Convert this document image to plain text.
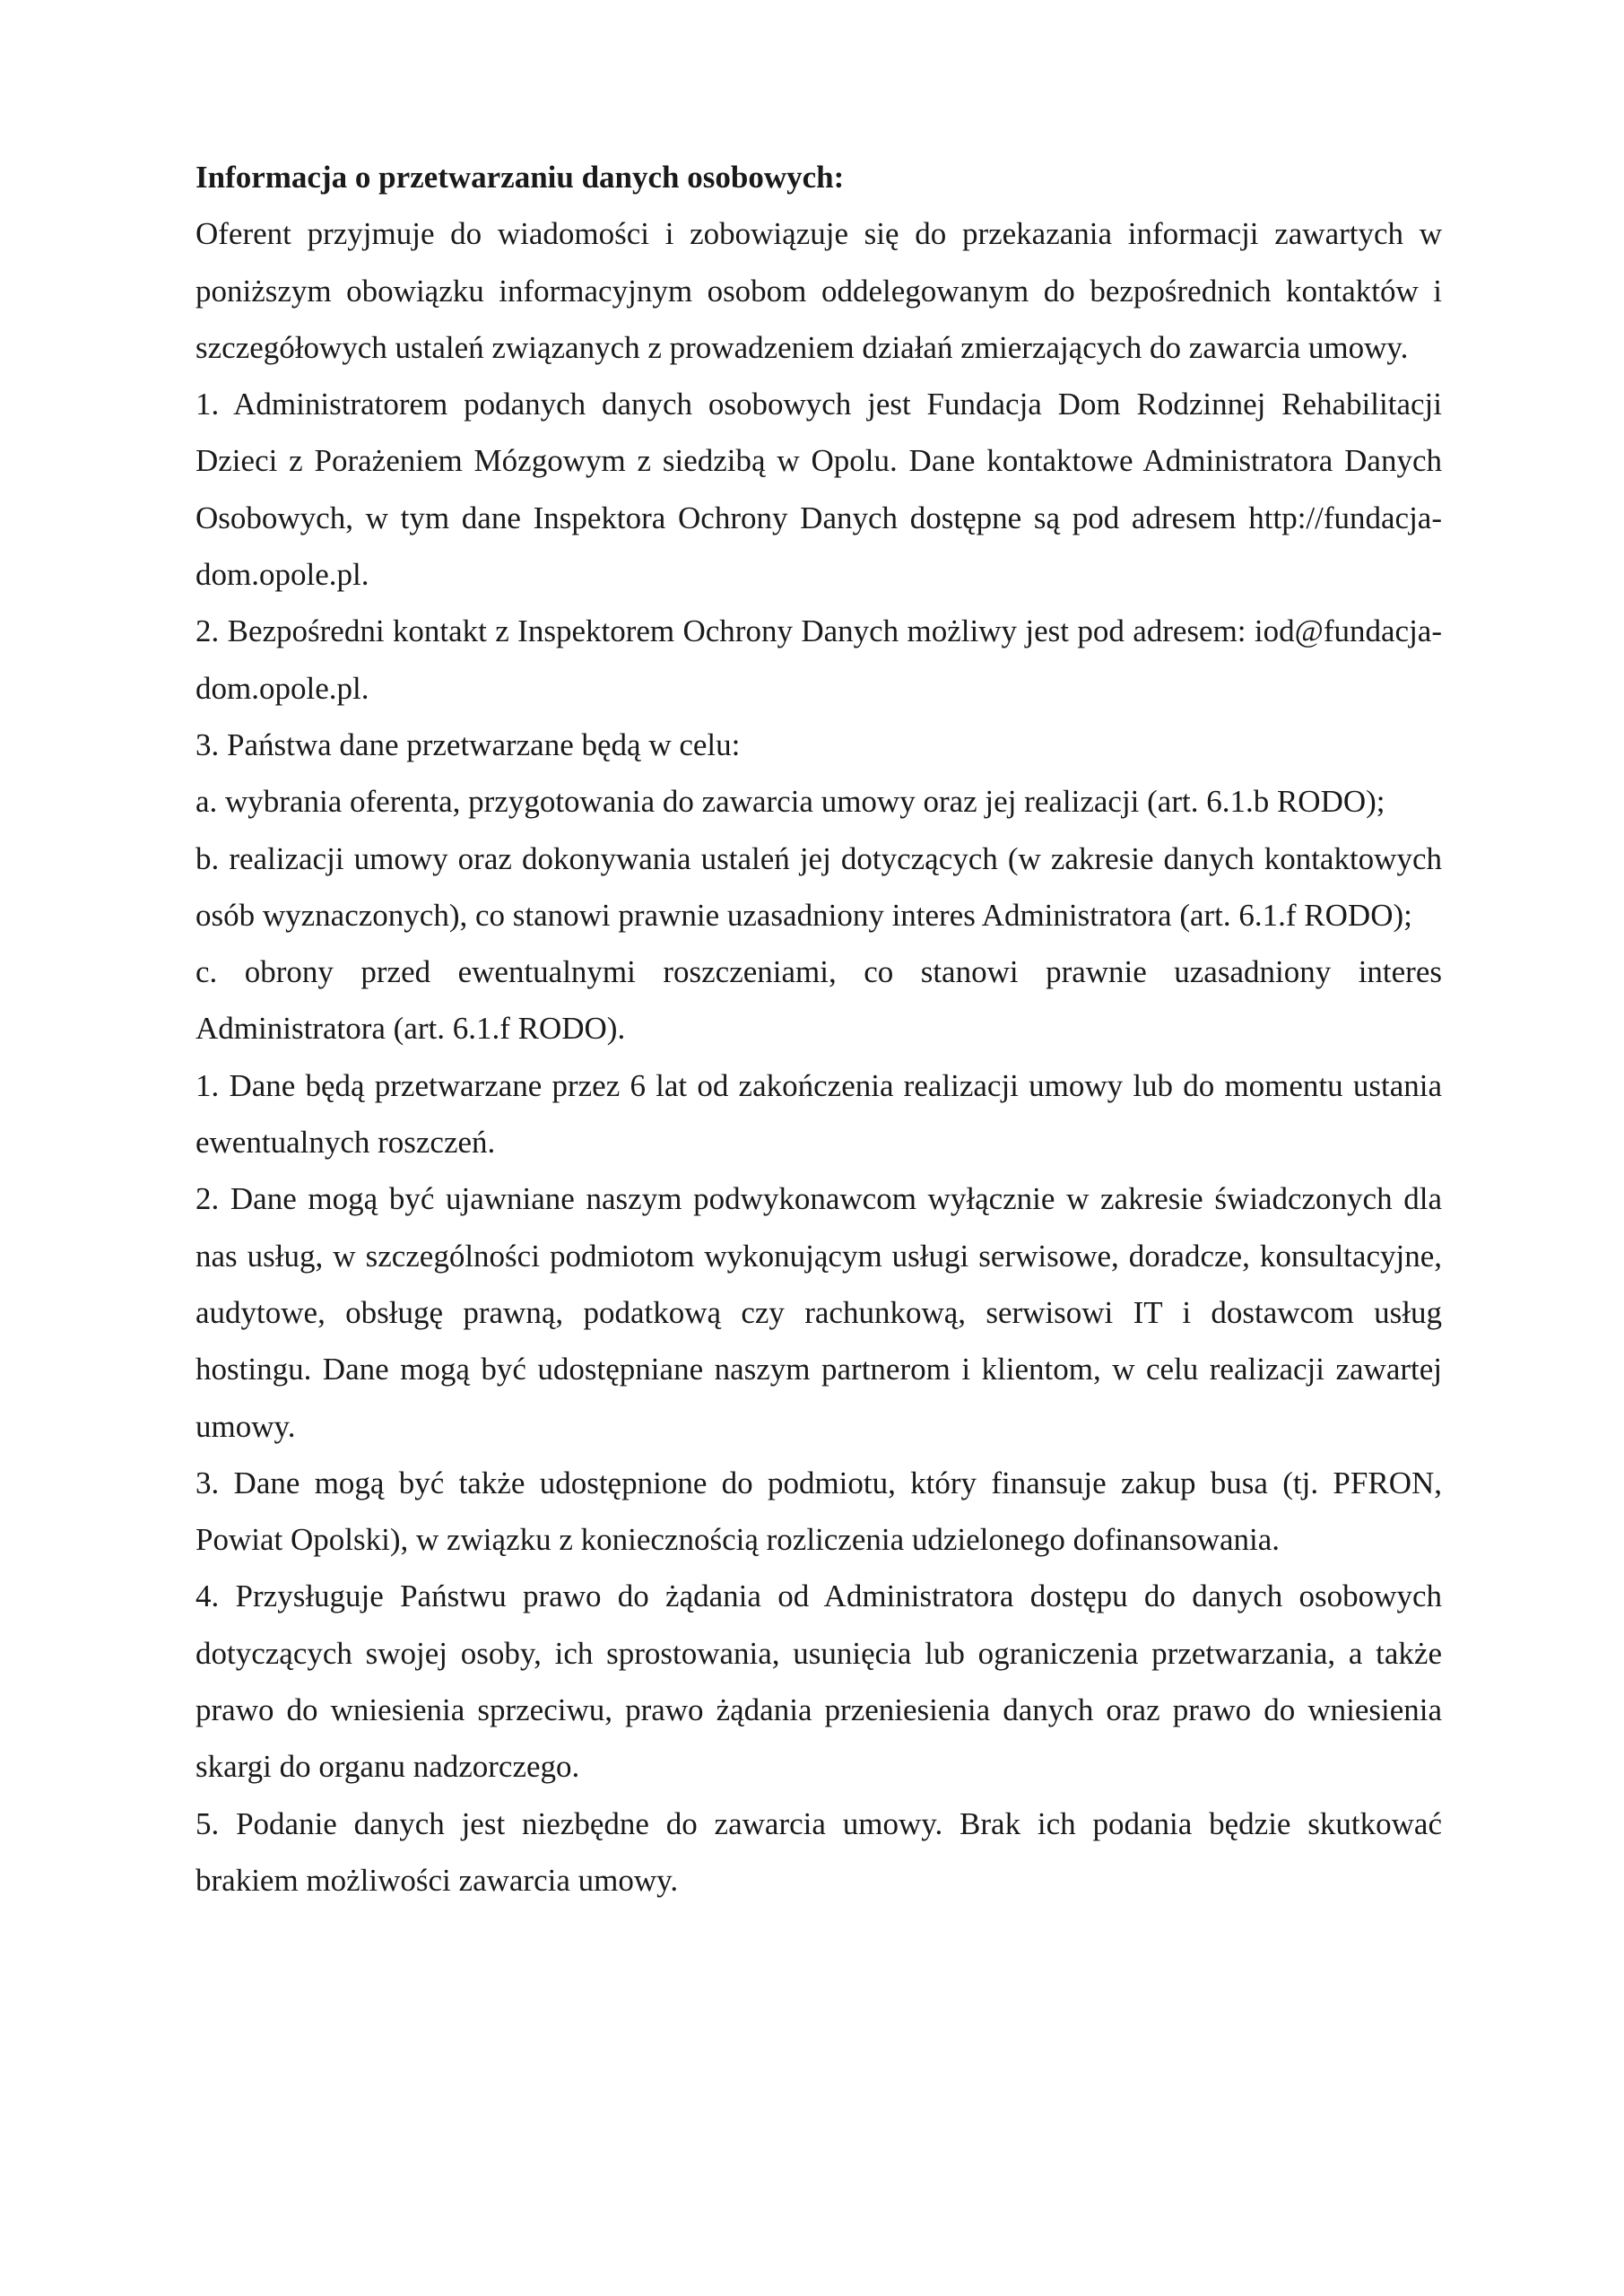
Informacja o przetwarzaniu danych osobowych:

Oferent przyjmuje do wiadomości i zobowiązuje się do przekazania informacji zawartych w poniższym obowiązku informacyjnym osobom oddelegowanym do bezpośrednich kontaktów i szczegółowych ustaleń związanych z prowadzeniem działań zmierzających do zawarcia umowy.

1. Administratorem podanych danych osobowych jest Fundacja Dom Rodzinnej Rehabilitacji Dzieci z Porażeniem Mózgowym z siedzibą w Opolu. Dane kontaktowe Administratora Danych Osobowych, w tym dane Inspektora Ochrony Danych dostępne są pod adresem http://fundacja-dom.opole.pl.

2. Bezpośredni kontakt z Inspektorem Ochrony Danych możliwy jest pod adresem: iod@fundacja-dom.opole.pl.

3. Państwa dane przetwarzane będą w celu:

a. wybrania oferenta, przygotowania do zawarcia umowy oraz jej realizacji (art. 6.1.b RODO);

b. realizacji umowy oraz dokonywania ustaleń jej dotyczących (w zakresie danych kontaktowych osób wyznaczonych), co stanowi prawnie uzasadniony interes Administratora (art. 6.1.f RODO);

c. obrony przed ewentualnymi roszczeniami, co stanowi prawnie uzasadniony interes Administratora (art. 6.1.f RODO).

1. Dane będą przetwarzane przez 6 lat od zakończenia realizacji umowy lub do momentu ustania ewentualnych roszczeń.

2. Dane mogą być ujawniane naszym podwykonawcom wyłącznie w zakresie świadczonych dla nas usług, w szczególności podmiotom wykonującym usługi serwisowe, doradcze, konsultacyjne, audytowe, obsługę prawną, podatkową czy rachunkową, serwisowi IT i dostawcom usług hostingu. Dane mogą być udostępniane naszym partnerom i klientom, w celu realizacji zawartej umowy.

3. Dane mogą być także udostępnione do podmiotu, który finansuje zakup busa (tj. PFRON, Powiat Opolski), w związku z koniecznością rozliczenia udzielonego dofinansowania.

4. Przysługuje Państwu prawo do żądania od Administratora dostępu do danych osobowych dotyczących swojej osoby, ich sprostowania, usunięcia lub ograniczenia przetwarzania, a także prawo do wniesienia sprzeciwu, prawo żądania przeniesienia danych oraz prawo do wniesienia skargi do organu nadzorczego.

5. Podanie danych jest niezbędne do zawarcia umowy. Brak ich podania będzie skutkować brakiem możliwości zawarcia umowy.
